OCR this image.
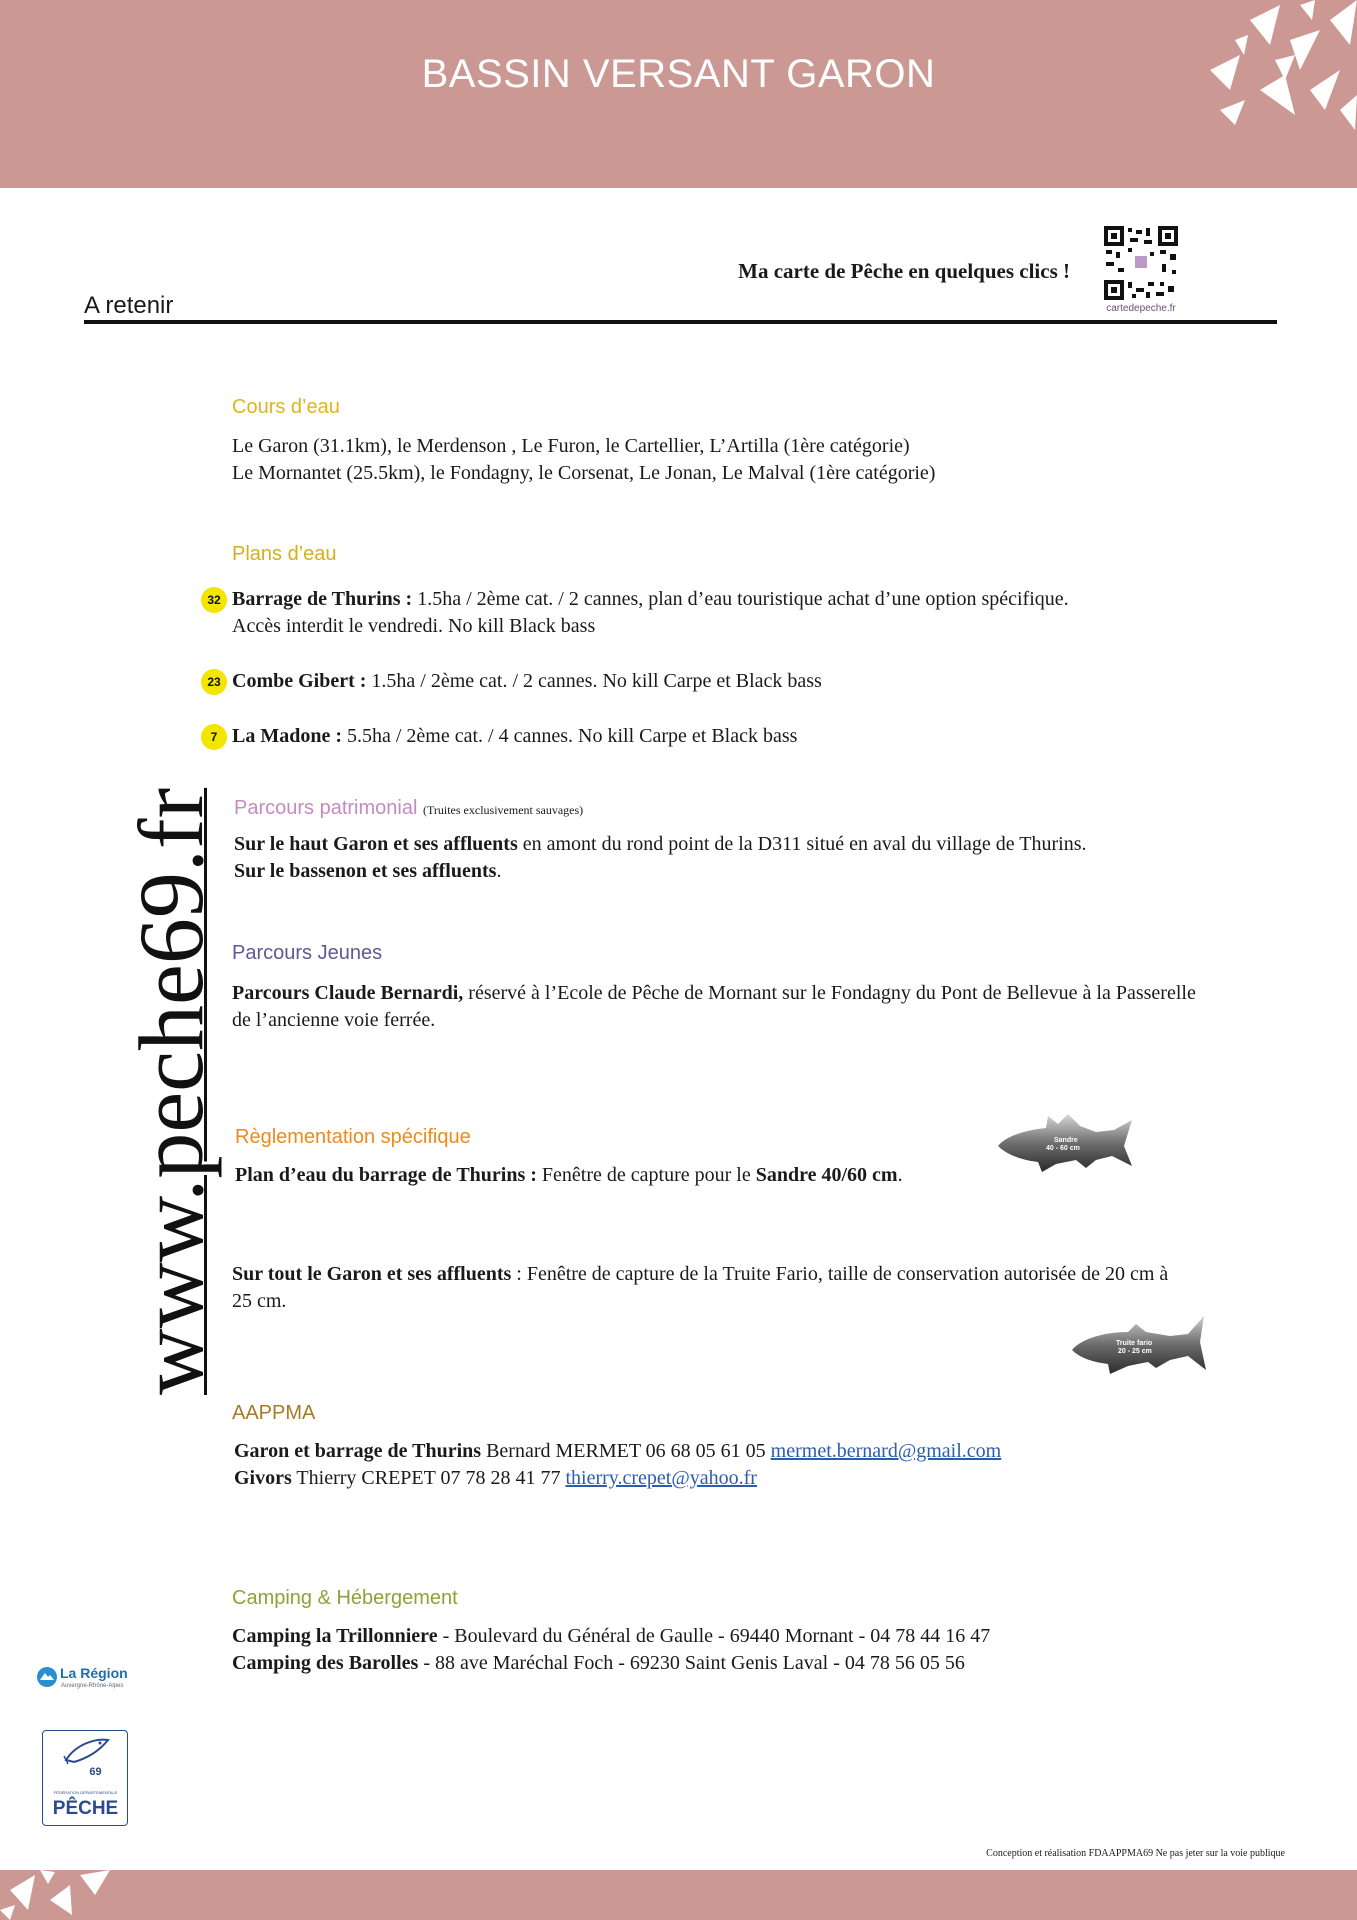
BASSIN VERSANT GARON
Ma carte de Pêche en quelques clics !
cartedepeche.fr
A retenir
www.peche69.fr
Cours d’eau
Le Garon (31.1km), le Merdenson , Le Furon, le Cartellier, L’Artilla (1ère catégorie)
Le Mornantet (25.5km), le Fondagny, le Corsenat, Le Jonan, Le Malval (1ère catégorie)
Plans d’eau
32 Barrage de Thurins : 1.5ha / 2ème cat. / 2 cannes, plan d’eau touristique achat d’une option spécifique.
Accès interdit le vendredi. No kill Black bass
23 Combe Gibert : 1.5ha / 2ème cat. / 2 cannes. No kill Carpe et Black bass
7 La Madone : 5.5ha / 2ème cat. / 4 cannes. No kill Carpe et Black bass
Parcours patrimonial (Truites exclusivement sauvages)
Sur le haut Garon et ses affluents en amont du rond point de la D311 situé en aval du village de Thurins.
Sur le bassenon et ses affluents.
Parcours Jeunes
Parcours Claude Bernardi, réservé à l’Ecole de Pêche de Mornant sur le Fondagny du Pont de Bellevue à la Passerelle
de l’ancienne voie ferrée.
Règlementation spécifique
Plan d’eau du barrage de Thurins : Fenêtre de capture pour le Sandre 40/60 cm.
Sandre
40 - 60 cm
Sur tout le Garon et ses affluents : Fenêtre de capture de la Truite Fario, taille de conservation autorisée de 20 cm à
25 cm.
Truite fario
20 - 25 cm
AAPPMA
Garon et barrage de Thurins Bernard MERMET 06 68 05 61 05 mermet.bernard@gmail.com
Givors Thierry CREPET 07 78 28 41 77 thierry.crepet@yahoo.fr
Camping & Hébergement
Camping la Trillonniere - Boulevard du Général de Gaulle - 69440 Mornant - 04 78 44 16 47
Camping des Barolles - 88 ave Maréchal Foch - 69230 Saint Genis Laval - 04 78 56 05 56
La Région
Auvergne-Rhône-Alpes
69
FÉDÉRATION DÉPARTEMENTALE
PÊCHE
Conception et réalisation FDAAPPMA69 Ne pas jeter sur la voie publique
